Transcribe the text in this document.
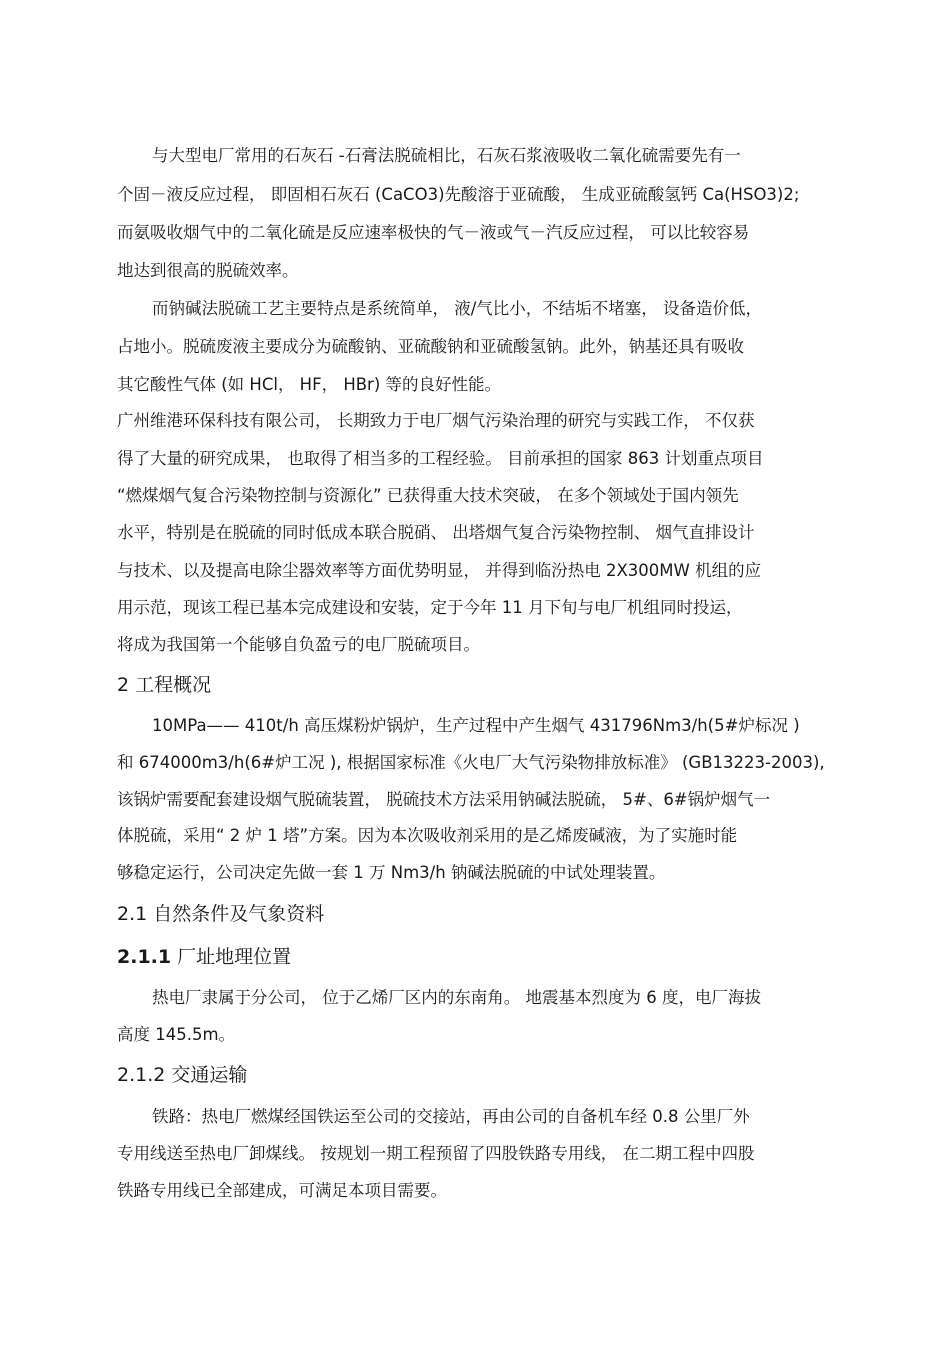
与大型电厂常用的石灰石 -石膏法脱硫相比，石灰石浆液吸收二氧化硫需要先有一

个固－液反应过程， 即固相石灰石 (CaCO3)先酸溶于亚硫酸， 生成亚硫酸氢钙 Ca(HSO3)2;

而氨吸收烟气中的二氧化硫是反应速率极快的气－液或气－汽反应过程， 可以比较容易

地达到很高的脱硫效率。

而钠碱法脱硫工艺主要特点是系统简单， 液/气比小，不结垢不堵塞， 设备造价低，

占地小。脱硫废液主要成分为硫酸钠、亚硫酸钠和亚硫酸氢钠。此外，钠基还具有吸收

其它酸性气体 (如 HCl， HF， HBr) 等的良好性能。

广州维港环保科技有限公司， 长期致力于电厂烟气污染治理的研究与实践工作， 不仅获

得了大量的研究成果， 也取得了相当多的工程经验。 目前承担的国家 863 计划重点项目

“燃煤烟气复合污染物控制与资源化” 已获得重大技术突破， 在多个领域处于国内领先

水平，特别是在脱硫的同时低成本联合脱硝、 出塔烟气复合污染物控制、 烟气直排设计

与技术、以及提高电除尘器效率等方面优势明显， 并得到临汾热电 2X300MW 机组的应

用示范，现该工程已基本完成建设和安装，定于今年 11 月下旬与电厂机组同时投运，

将成为我国第一个能够自负盈亏的电厂脱硫项目。

2 工程概况

10MPa—— 410t/h 高压煤粉炉锅炉，生产过程中产生烟气 431796Nm3/h(5#炉标况 )

和 674000m3/h(6#炉工况 ), 根据国家标准《火电厂大气污染物排放标准》 (GB13223-2003),

该锅炉需要配套建设烟气脱硫装置， 脱硫技术方法采用钠碱法脱硫， 5#、6#锅炉烟气一

体脱硫，采用“ 2 炉 1 塔”方案。因为本次吸收剂采用的是乙烯废碱液，为了实施时能

够稳定运行，公司决定先做一套 1 万 Nm3/h 钠碱法脱硫的中试处理装置。

2.1 自然条件及气象资料

2.1.1 厂址地理位置

热电厂隶属于分公司， 位于乙烯厂区内的东南角。 地震基本烈度为 6 度，电厂海拔

高度 145.5m。

2.1.2 交通运输

铁路：热电厂燃煤经国铁运至公司的交接站，再由公司的自备机车经 0.8 公里厂外

专用线送至热电厂卸煤线。 按规划一期工程预留了四股铁路专用线， 在二期工程中四股

铁路专用线已全部建成，可满足本项目需要。
